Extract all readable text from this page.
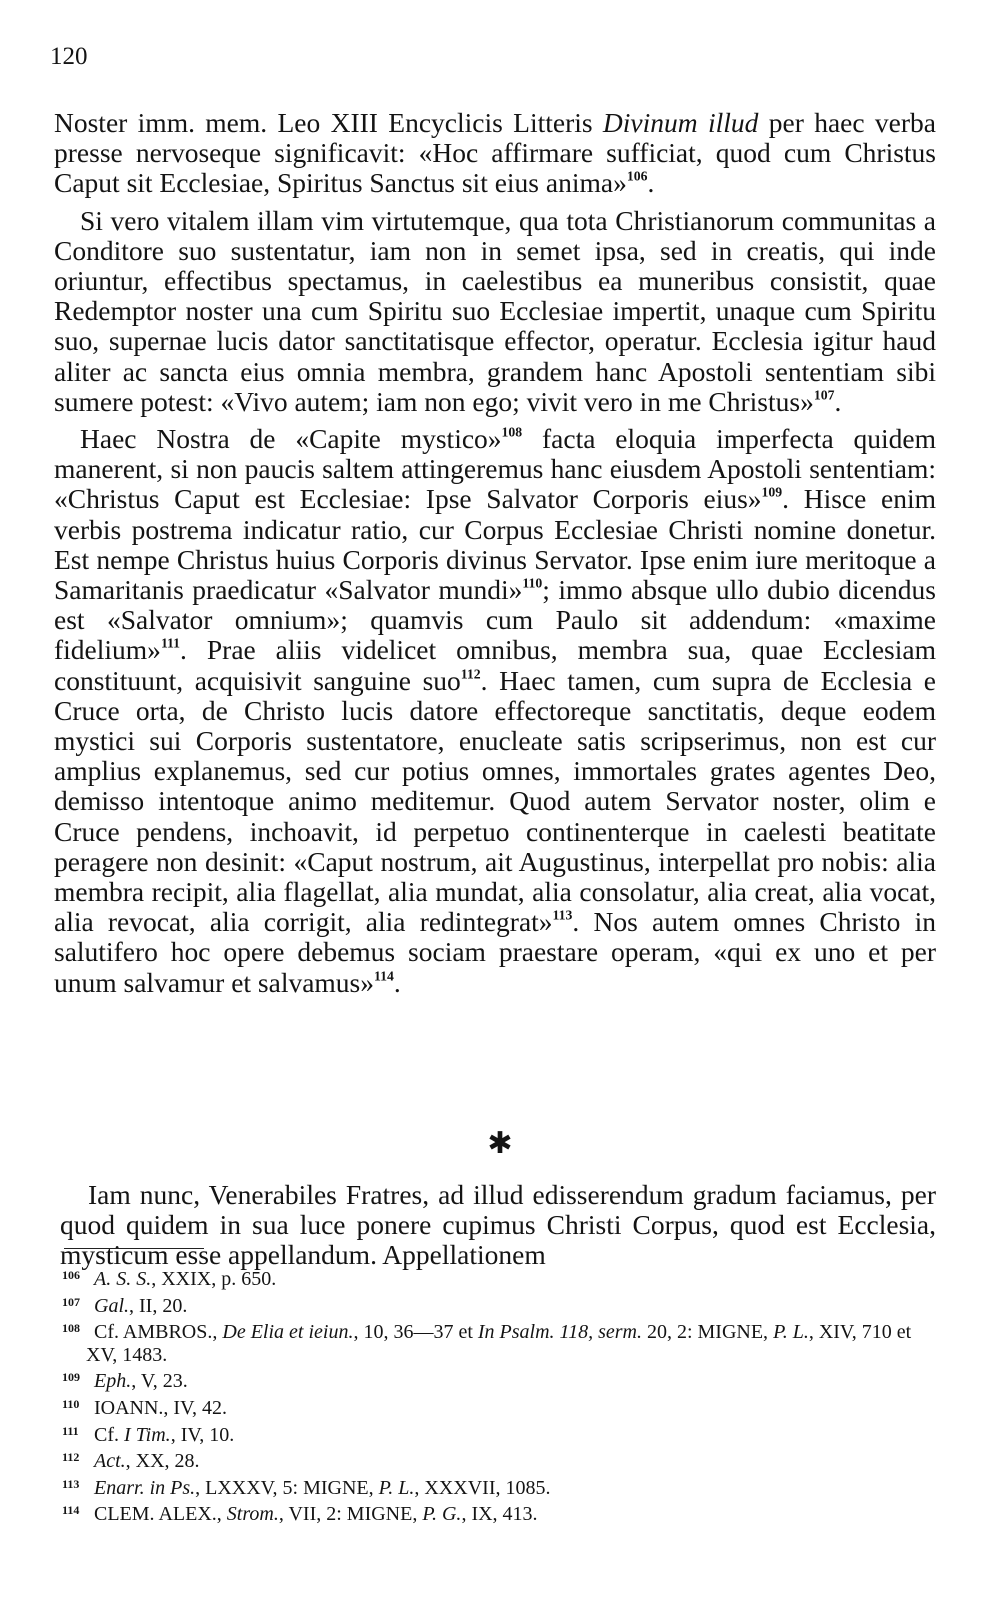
120

Noster imm. mem. Leo XIII Encyclicis Litteris Divinum illud per haec verba presse nervoseque significavit: «Hoc affirmare sufficiat, quod cum Christus Caput sit Ecclesiae, Spiritus Sanctus sit eius anima»$^{106}$.

Si vero vitalem illam vim virtutemque, qua tota Christianorum communitas a Conditore suo sustentatur, iam non in semet ipsa, sed in creatis, qui inde oriuntur, effectibus spectamus, in caelestibus ea muneribus consistit, quae Redemptor noster una cum Spiritu suo Ecclesiae impertit, unaque cum Spiritu suo, supernae lucis dator sanctitatisque effector, operatur. Ecclesia igitur haud aliter ac sancta eius omnia membra, grandem hanc Apostoli sententiam sibi sumere potest: «Vivo autem; iam non ego; vivit vero in me Christus»$^{107}$.

Haec Nostra de «Capite mystico»$^{108}$ facta eloquia imperfecta quidem manerent, si non paucis saltem attingeremus hanc eiusdem Apostoli sententiam: «Christus Caput est Ecclesiae: Ipse Salvator Corporis eius»$^{109}$. Hisce enim verbis postrema indicatur ratio, cur Corpus Ecclesiae Christi nomine donetur. Est nempe Christus huius Corporis divinus Servator. Ipse enim iure meritoque a Samaritanis praedicatur «Salvator mundi»$^{110}$; immo absque ullo dubio dicendus est «Salvator omnium»; quamvis cum Paulo sit addendum: «maxime fidelium»$^{111}$. Prae aliis videlicet omnibus, membra sua, quae Ecclesiam constituunt, acquisivit sanguine suo$^{112}$. Haec tamen, cum supra de Ecclesia e Cruce orta, de Christo lucis datore effectoreque sanctitatis, deque eodem mystici sui Corporis sustentatore, enucleate satis scripserimus, non est cur amplius explanemus, sed cur potius omnes, immortales grates agentes Deo, demisso intentoque animo meditemur. Quod autem Servator noster, olim e Cruce pendens, inchoavit, id perpetuo continenterque in caelesti beatitate peragere non desinit: «Caput nostrum, ait Augustinus, interpellat pro nobis: alia membra recipit, alia flagellat, alia mundat, alia consolatur, alia creat, alia vocat, alia revocat, alia corrigit, alia redintegrat»$^{113}$. Nos autem omnes Christo in salutifero hoc opere debemus sociam praestare operam, «qui ex uno et per unum salvamur et salvamus»$^{114}$.

✱

Iam nunc, Venerabiles Fratres, ad illud edisserendum gradum faciamus, per quod quidem in sua luce ponere cupimus Christi Corpus, quod est Ecclesia, mysticum esse appellandum. Appellationem

106 A. S. S., XXIX, p. 650.

107 Gal., II, 20.

108 Cf. AMBROS., De Elia et ieiun., 10, 36—37 et In Psalm. 118, serm. 20, 2: MIGNE, P. L., XIV, 710 et XV, 1483.

109 Eph., V, 23.

110 IOANN., IV, 42.

111 Cf. I Tim., IV, 10.

112 Act., XX, 28.

113 Enarr. in Ps., LXXXV, 5: MIGNE, P. L., XXXVII, 1085.

114 CLEM. ALEX., Strom., VII, 2: MIGNE, P. G., IX, 413.
